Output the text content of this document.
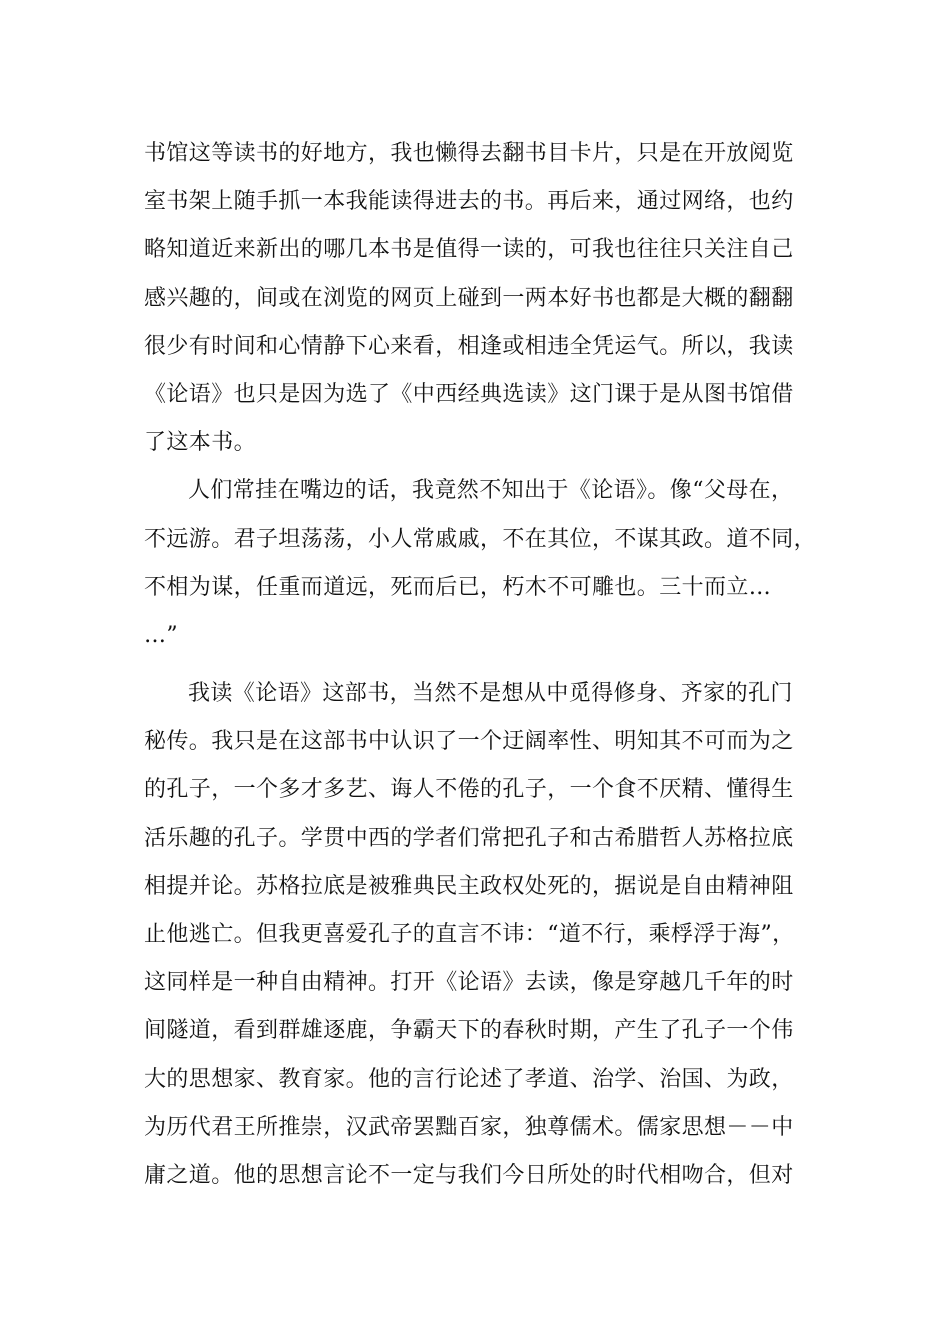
书馆这等读书的好地方，我也懒得去翻书目卡片，只是在开放阅览
室书架上随手抓一本我能读得进去的书。再后来，通过网络，也约
略知道近来新出的哪几本书是值得一读的，可我也往往只关注自己
感兴趣的，间或在浏览的网页上碰到一两本好书也都是大概的翻翻
很少有时间和心情静下心来看，相逢或相违全凭运气。所以，我读
《论语》也只是因为选了《中西经典选读》这门课于是从图书馆借
了这本书。
人们常挂在嘴边的话，我竟然不知出于《论语》。像“父母在，
不远游。君子坦荡荡，小人常戚戚，不在其位，不谋其政。道不同，
不相为谋，任重而道远，死而后已，朽木不可雕也。三十而立…
…”
我读《论语》这部书，当然不是想从中觅得修身、齐家的孔门
秘传。我只是在这部书中认识了一个迂阔率性、明知其不可而为之
的孔子，一个多才多艺、诲人不倦的孔子，一个食不厌精、懂得生
活乐趣的孔子。学贯中西的学者们常把孔子和古希腊哲人苏格拉底
相提并论。苏格拉底是被雅典民主政权处死的，据说是自由精神阻
止他逃亡。但我更喜爱孔子的直言不讳：“道不行，乘桴浮于海”，
这同样是一种自由精神。打开《论语》去读，像是穿越几千年的时
间隧道，看到群雄逐鹿，争霸天下的春秋时期，产生了孔子一个伟
大的思想家、教育家。他的言行论述了孝道、治学、治国、为政，
为历代君王所推崇，汉武帝罢黜百家，独尊儒术。儒家思想－－中
庸之道。他的思想言论不一定与我们今日所处的时代相吻合，但对
